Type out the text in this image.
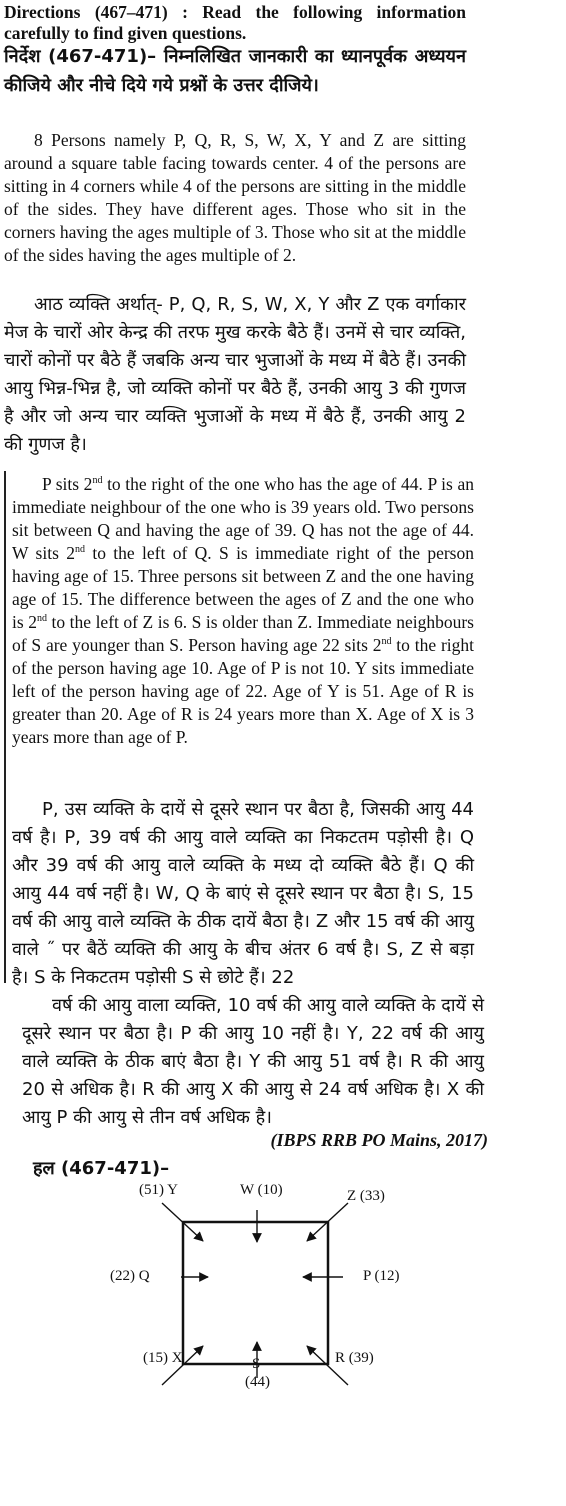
Directions (467–471) : Read the following information carefully to find given questions.

निर्देश (467-471)– निम्नलिखित जानकारी का ध्यानपूर्वक अध्ययन कीजिये और नीचे दिये गये प्रश्नों के उत्तर दीजिये।

8 Persons namely P, Q, R, S, W, X, Y and Z are sitting around a square table facing towards center. 4 of the persons are sitting in 4 corners while 4 of the persons are sitting in the middle of the sides. They have different ages. Those who sit in the corners having the ages multiple of 3. Those who sit at the middle of the sides having the ages multiple of 2.

आठ व्यक्ति अर्थात्- P, Q, R, S, W, X, Y और Z एक वर्गाकार मेज के चारों ओर केन्द्र की तरफ मुख करके बैठे हैं। उनमें से चार व्यक्ति, चारों कोनों पर बैठे हैं जबकि अन्य चार भुजाओं के मध्य में बैठे हैं। उनकी आयु भिन्न-भिन्न है, जो व्यक्ति कोनों पर बैठे हैं, उनकी आयु 3 की गुणज है और जो अन्य चार व्यक्ति भुजाओं के मध्य में बैठे हैं, उनकी आयु 2 की गुणज है।

P sits 2nd to the right of the one who has the age of 44. P is an immediate neighbour of the one who is 39 years old. Two persons sit between Q and having the age of 39. Q has not the age of 44. W sits 2nd to the left of Q. S is immediate right of the person having age of 15. Three persons sit between Z and the one having age of 15. The difference between the ages of Z and the one who is 2nd to the left of Z is 6. S is older than Z. Immediate neighbours of S are younger than S. Person having age 22 sits 2nd to the right of the person having age 10. Age of P is not 10. Y sits immediate left of the person having age of 22. Age of Y is 51. Age of R is greater than 20. Age of R is 24 years more than X. Age of X is 3 years more than age of P.

P, उस व्यक्ति के दायें से दूसरे स्थान पर बैठा है, जिसकी आयु 44 वर्ष है। P, 39 वर्ष की आयु वाले व्यक्ति का निकटतम पड़ोसी है। Q और 39 वर्ष की आयु वाले व्यक्ति के मध्य दो व्यक्ति बैठे हैं। Q की आयु 44 वर्ष नहीं है। W, Q के बाएं से दूसरे स्थान पर बैठा है। S, 15 वर्ष की आयु वाले व्यक्ति के ठीक दायें बैठा है। Z और 15 वर्ष की आयु वाले ˝ पर बैठें व्यक्ति की आयु के बीच अंतर 6 वर्ष है। S, Z से बड़ा है। S के निकटतम पड़ोसी S से छोटे हैं। 22

वर्ष की आयु वाला व्यक्ति, 10 वर्ष की आयु वाले व्यक्ति के दायें से दूसरे स्थान पर बैठा है। P की आयु 10 नहीं है। Y, 22 वर्ष की आयु वाले व्यक्ति के ठीक बाएं बैठा है। Y की आयु 51 वर्ष है। R की आयु 20 से अधिक है। R की आयु X की आयु से 24 वर्ष अधिक है। X की आयु P की आयु से तीन वर्ष अधिक है।

(IBPS RRB PO Mains, 2017)
हल (467-471)–
(51) Y	W (10)	Z (33)
(22) Q	P (12)
(15) X	S
(44)
R (39)
